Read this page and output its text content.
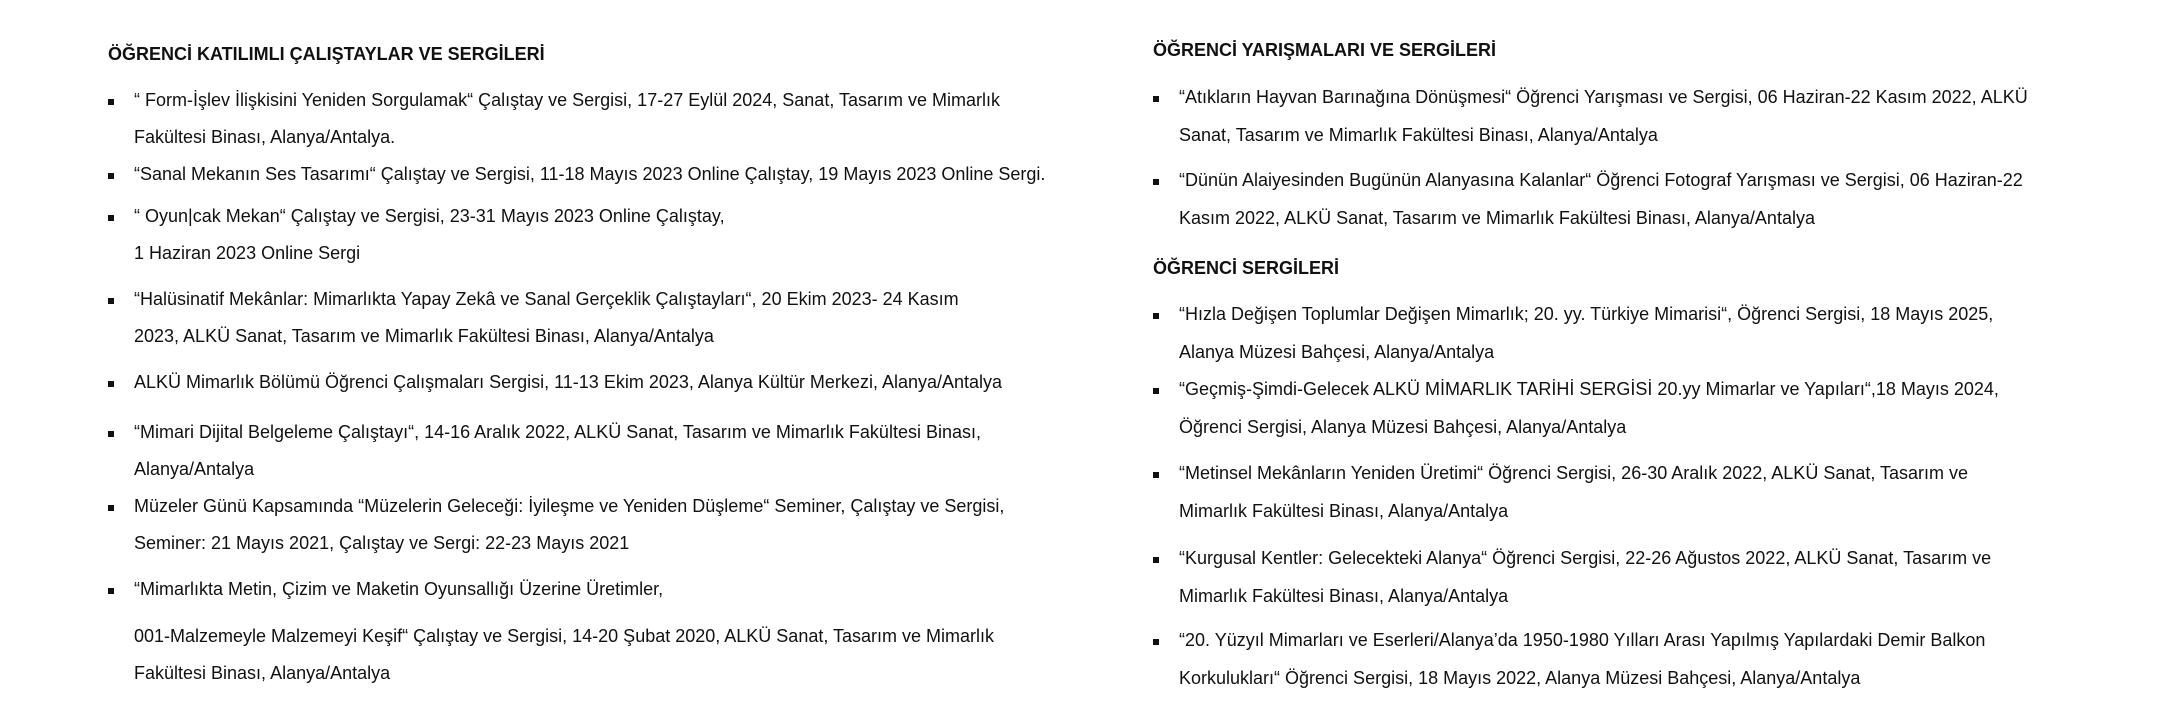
ÖĞRENCİ KATILIMLI ÇALIŞTAYLAR VE SERGİLERİ
“ Form-İşlev İlişkisini Yeniden Sorgulamak“ Çalıştay ve Sergisi, 17-27 Eylül 2024, Sanat, Tasarım ve Mimarlık
Fakültesi Binası, Alanya/Antalya.
“Sanal Mekanın Ses Tasarımı“ Çalıştay ve Sergisi, 11-18 Mayıs 2023 Online Çalıştay, 19 Mayıs 2023 Online Sergi.
“ Oyun|cak Mekan“ Çalıştay ve Sergisi, 23-31 Mayıs 2023 Online Çalıştay,
1 Haziran 2023 Online Sergi
“Halüsinatif Mekânlar: Mimarlıkta Yapay Zekâ ve Sanal Gerçeklik Çalıştayları“, 20 Ekim 2023- 24 Kasım
2023, ALKÜ Sanat, Tasarım ve Mimarlık Fakültesi Binası, Alanya/Antalya
ALKÜ Mimarlık Bölümü Öğrenci Çalışmaları Sergisi, 11-13 Ekim 2023, Alanya Kültür Merkezi, Alanya/Antalya
“Mimari Dijital Belgeleme Çalıştayı“, 14-16 Aralık 2022, ALKÜ Sanat, Tasarım ve Mimarlık Fakültesi Binası,
Alanya/Antalya
Müzeler Günü Kapsamında “Müzelerin Geleceği: İyileşme ve Yeniden Düşleme“ Seminer, Çalıştay ve Sergisi,
Seminer: 21 Mayıs 2021, Çalıştay ve Sergi: 22-23 Mayıs 2021
“Mimarlıkta Metin, Çizim ve Maketin Oyunsallığı Üzerine Üretimler,
001-Malzemeyle Malzemeyi Keşif“ Çalıştay ve Sergisi, 14-20 Şubat 2020, ALKÜ Sanat, Tasarım ve Mimarlık
Fakültesi Binası, Alanya/Antalya
ÖĞRENCİ YARIŞMALARI VE SERGİLERİ
“Atıkların Hayvan Barınağına Dönüşmesi“ Öğrenci Yarışması ve Sergisi, 06 Haziran-22 Kasım 2022, ALKÜ
Sanat, Tasarım ve Mimarlık Fakültesi Binası, Alanya/Antalya
“Dünün Alaiyesinden Bugünün Alanyasına Kalanlar“ Öğrenci Fotograf Yarışması ve Sergisi, 06 Haziran-22
Kasım 2022, ALKÜ Sanat, Tasarım ve Mimarlık Fakültesi Binası, Alanya/Antalya
ÖĞRENCİ SERGİLERİ
“Hızla Değişen Toplumlar Değişen Mimarlık; 20. yy. Türkiye Mimarisi“, Öğrenci Sergisi, 18 Mayıs 2025,
Alanya Müzesi Bahçesi, Alanya/Antalya
“Geçmiş-Şimdi-Gelecek ALKÜ MİMARLIK TARİHİ SERGİSİ 20.yy Mimarlar ve Yapıları“,18 Mayıs 2024,
Öğrenci Sergisi, Alanya Müzesi Bahçesi, Alanya/Antalya
“Metinsel Mekânların Yeniden Üretimi“ Öğrenci Sergisi, 26-30 Aralık 2022, ALKÜ Sanat, Tasarım ve
Mimarlık Fakültesi Binası, Alanya/Antalya
“Kurgusal Kentler: Gelecekteki Alanya“ Öğrenci Sergisi, 22-26 Ağustos 2022, ALKÜ Sanat, Tasarım ve
Mimarlık Fakültesi Binası, Alanya/Antalya
“20. Yüzyıl Mimarları ve Eserleri/Alanya’da 1950-1980 Yılları Arası Yapılmış Yapılardaki Demir Balkon
Korkulukları“ Öğrenci Sergisi, 18 Mayıs 2022, Alanya Müzesi Bahçesi, Alanya/Antalya
